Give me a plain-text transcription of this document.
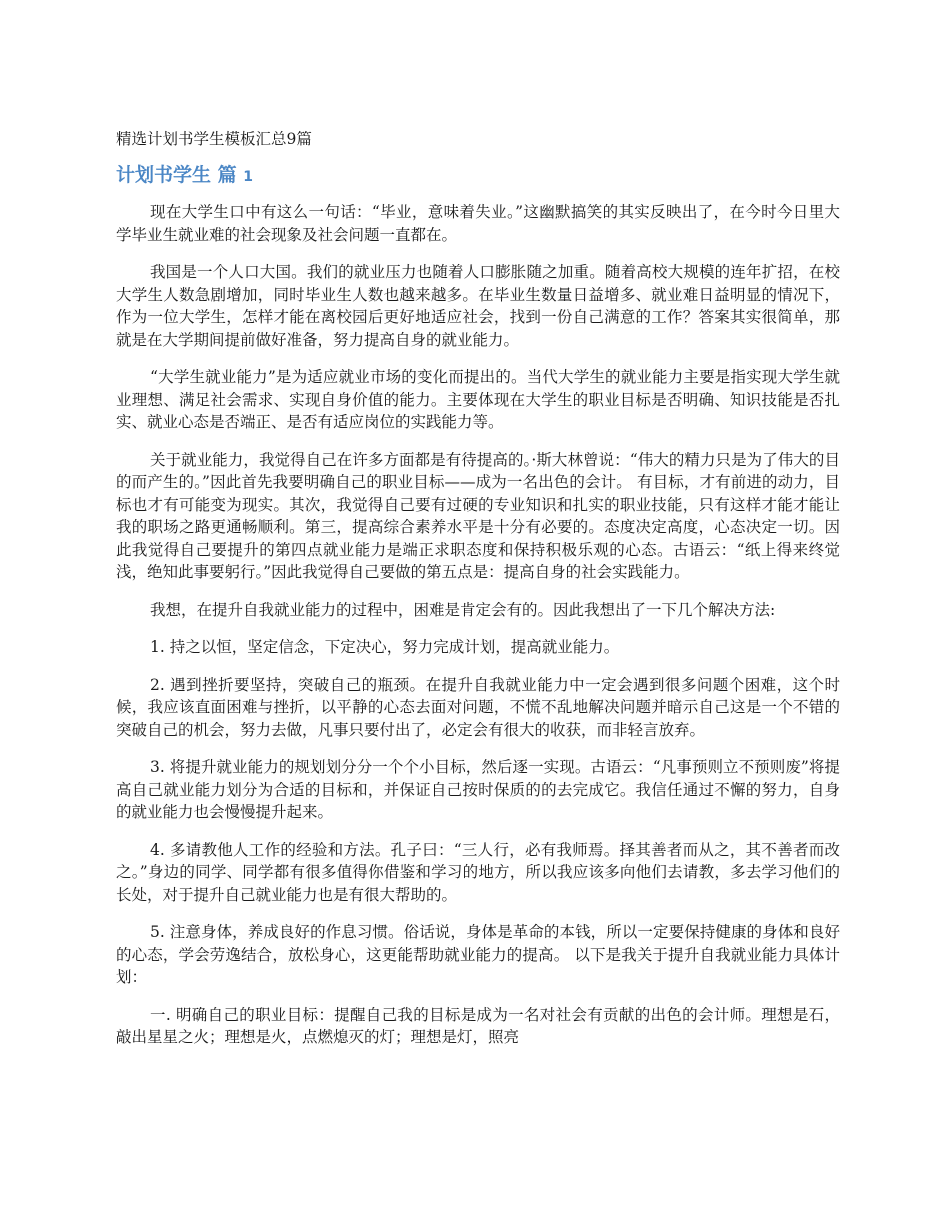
精选计划书学生模板汇总9篇
计划书学生 篇 1

现在大学生口中有这么一句话：“毕业，意味着失业。”这幽默搞笑的其实反映出了，在今时今日里大学毕业生就业难的社会现象及社会问题一直都在。

我国是一个人口大国。我们的就业压力也随着人口膨胀随之加重。随着高校大规模的连年扩招，在校大学生人数急剧增加，同时毕业生人数也越来越多。在毕业生数量日益增多、就业难日益明显的情况下，作为一位大学生，怎样才能在离校园后更好地适应社会，找到一份自己满意的工作？答案其实很简单，那就是在大学期间提前做好准备，努力提高自身的就业能力。

“大学生就业能力”是为适应就业市场的变化而提出的。当代大学生的就业能力主要是指实现大学生就业理想、满足社会需求、实现自身价值的能力。主要体现在大学生的职业目标是否明确、知识技能是否扎实、就业心态是否端正、是否有适应岗位的实践能力等。

关于就业能力，我觉得自己在许多方面都是有待提高的。·斯大林曾说：“伟大的精力只是为了伟大的目的而产生的。”因此首先我要明确自己的职业目标——成为一名出色的会计。 有目标，才有前进的动力，目标也才有可能变为现实。其次，我觉得自己要有过硬的专业知识和扎实的职业技能，只有这样才能才能让我的职场之路更通畅顺利。第三，提高综合素养水平是十分有必要的。态度决定高度，心态决定一切。因此我觉得自己要提升的第四点就业能力是端正求职态度和保持积极乐观的心态。古语云：“纸上得来终觉浅，绝知此事要躬行。”因此我觉得自己要做的第五点是：提高自身的社会实践能力。

我想，在提升自我就业能力的过程中，困难是肯定会有的。因此我想出了一下几个解决方法:

1. 持之以恒，坚定信念，下定决心，努力完成计划，提高就业能力。

2. 遇到挫折要坚持，突破自己的瓶颈。在提升自我就业能力中一定会遇到很多问题个困难，这个时候，我应该直面困难与挫折，以平静的心态去面对问题，不慌不乱地解决问题并暗示自己这是一个不错的突破自己的机会，努力去做，凡事只要付出了，必定会有很大的收获，而非轻言放弃。

3. 将提升就业能力的规划划分分一个个小目标，然后逐一实现。古语云：“凡事预则立不预则废”将提高自己就业能力划分为合适的目标和，并保证自己按时保质的的去完成它。我信任通过不懈的努力，自身的就业能力也会慢慢提升起来。

4. 多请教他人工作的经验和方法。孔子曰：“三人行，必有我师焉。择其善者而从之，其不善者而改之。”身边的同学、同学都有很多值得你借鉴和学习的地方，所以我应该多向他们去请教，多去学习他们的长处，对于提升自己就业能力也是有很大帮助的。

5. 注意身体，养成良好的作息习惯。俗话说，身体是革命的本钱，所以一定要保持健康的身体和良好的心态，学会劳逸结合，放松身心，这更能帮助就业能力的提高。 以下是我关于提升自我就业能力具体计划：

一. 明确自己的职业目标：提醒自己我的目标是成为一名对社会有贡献的出色的会计师。理想是石，敲出星星之火；理想是火，点燃熄灭的灯；理想是灯，照亮
